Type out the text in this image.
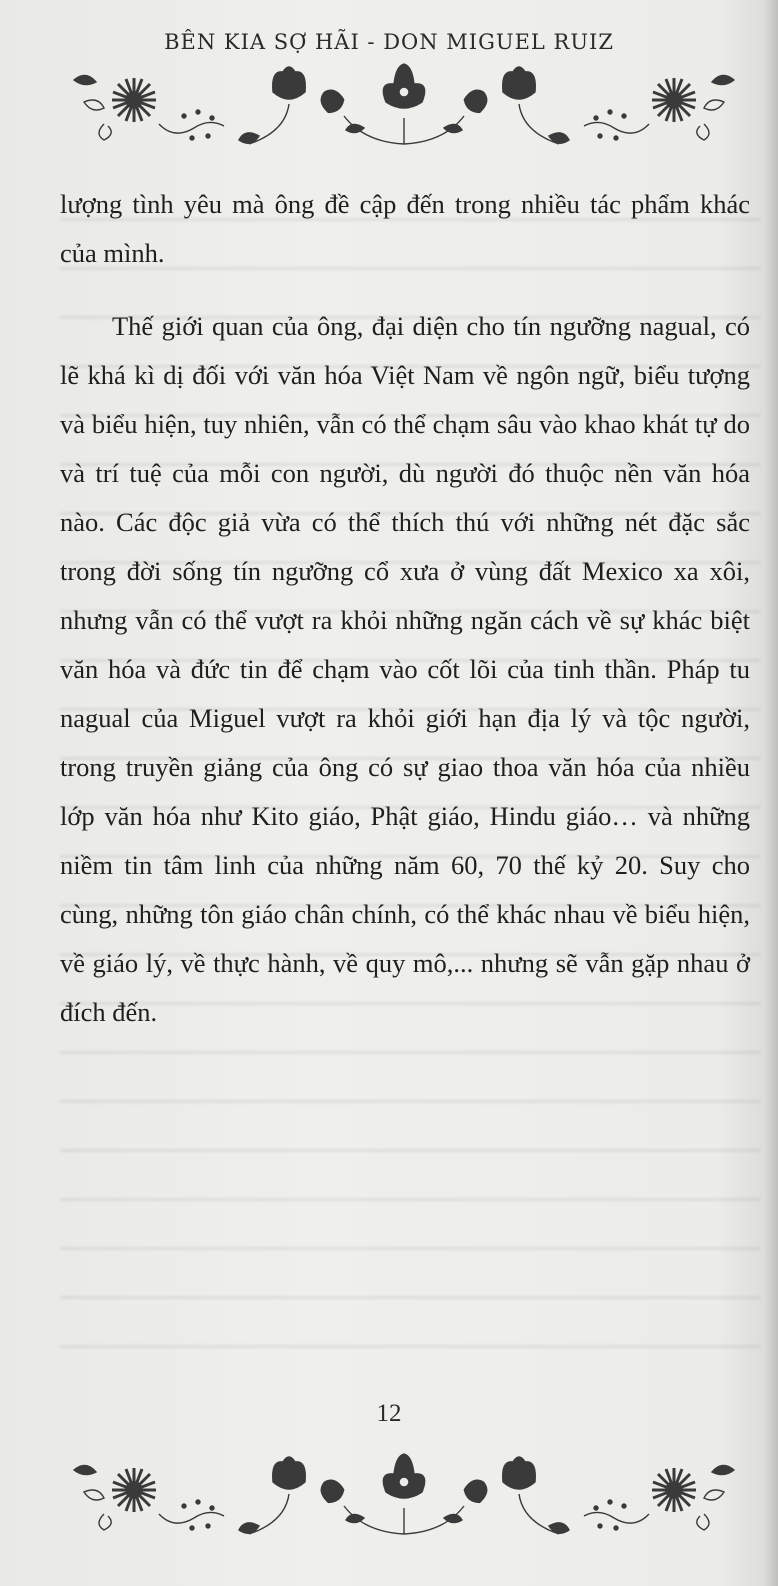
BÊN KIA SỢ HÃI - DON MIGUEL RUIZ

lượng tình yêu mà ông đề cập đến trong nhiều tác phẩm khác của mình.

Thế giới quan của ông, đại diện cho tín ngưỡng nagual, có lẽ khá kì dị đối với văn hóa Việt Nam về ngôn ngữ, biểu tượng và biểu hiện, tuy nhiên, vẫn có thể chạm sâu vào khao khát tự do và trí tuệ của mỗi con người, dù người đó thuộc nền văn hóa nào. Các độc giả vừa có thể thích thú với những nét đặc sắc trong đời sống tín ngưỡng cổ xưa ở vùng đất Mexico xa xôi, nhưng vẫn có thể vượt ra khỏi những ngăn cách về sự khác biệt văn hóa và đức tin để chạm vào cốt lõi của tinh thần. Pháp tu nagual của Miguel vượt ra khỏi giới hạn địa lý và tộc người, trong truyền giảng của ông có sự giao thoa văn hóa của nhiều lớp văn hóa như Kito giáo, Phật giáo, Hindu giáo… và những niềm tin tâm linh của những năm 60, 70 thế kỷ 20. Suy cho cùng, những tôn giáo chân chính, có thể khác nhau về biểu hiện, về giáo lý, về thực hành, về quy mô,... nhưng sẽ vẫn gặp nhau ở đích đến.

12
